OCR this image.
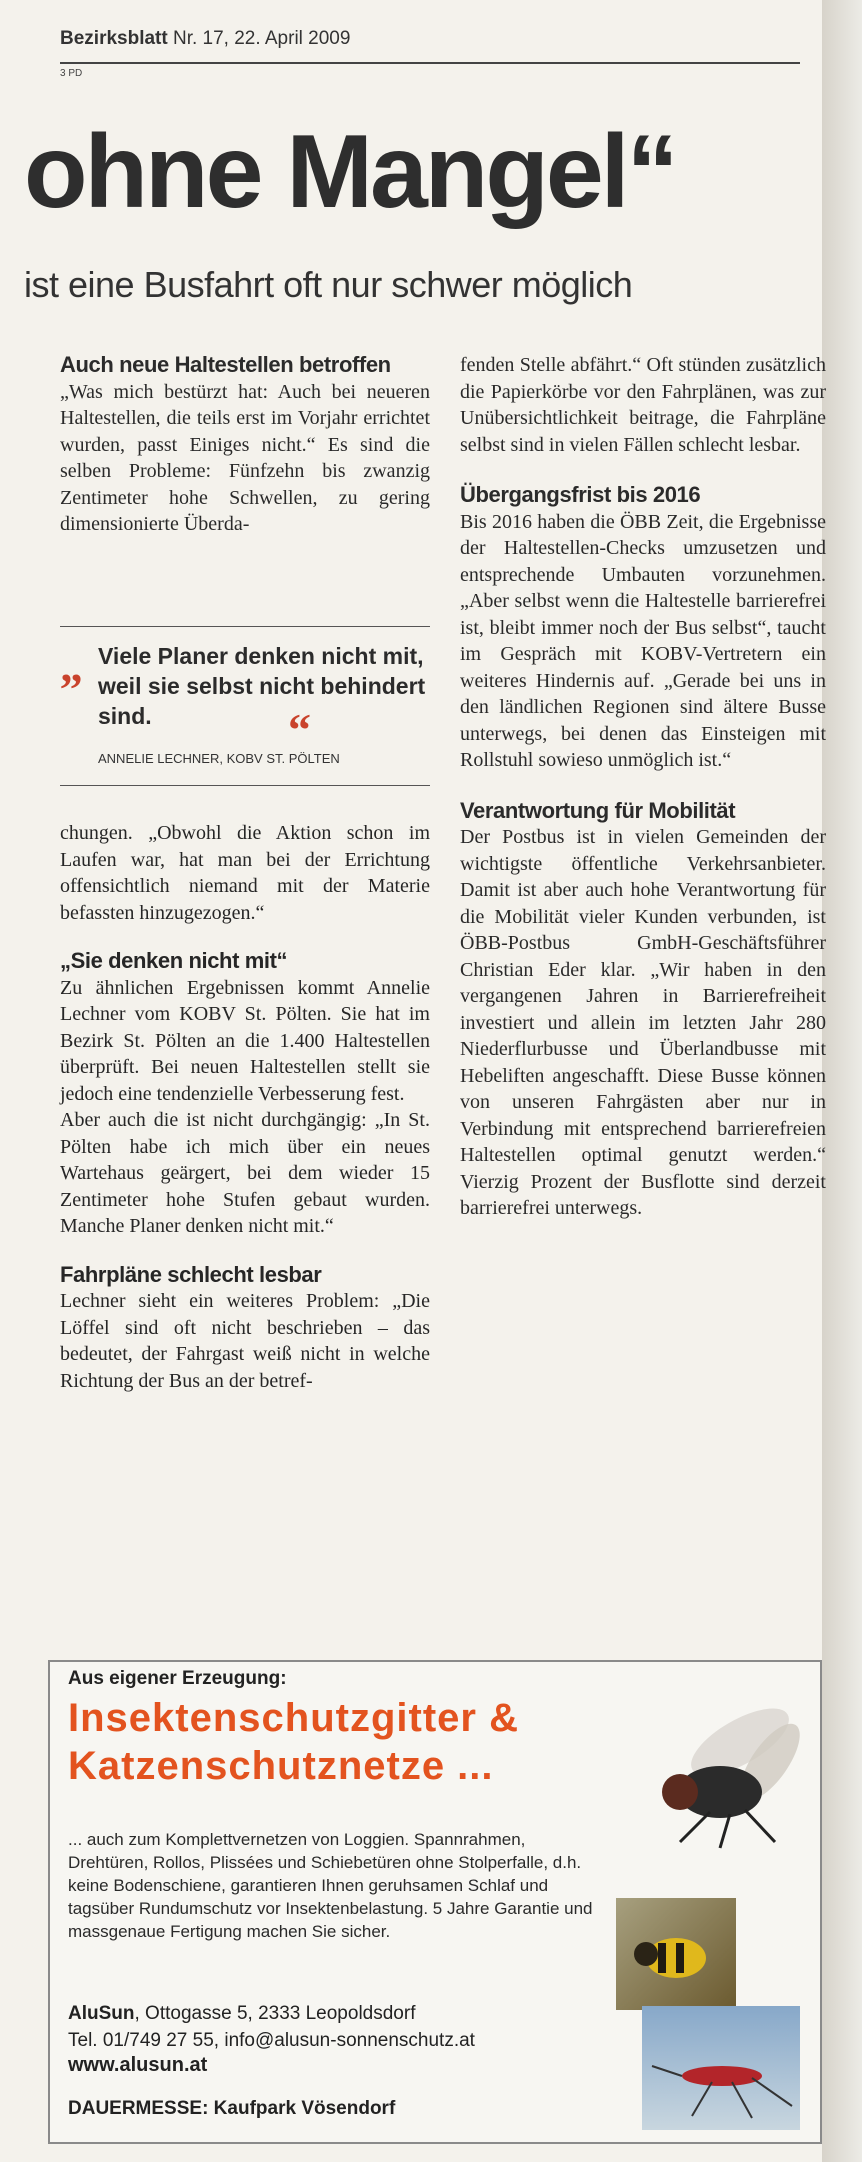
Bezirksblatt Nr. 17, 22. April 2009
3 PD
ohne Mangel“
ist eine Busfahrt oft nur schwer möglich
Auch neue Haltestellen betroffen

„Was mich bestürzt hat: Auch bei neueren Haltestellen, die teils erst im Vorjahr errichtet wurden, passt Einiges nicht.“ Es sind die selben Probleme: Fünfzehn bis zwanzig Zentimeter hohe Schwellen, zu gering dimensionierte Überda-

„ Viele Planer denken nicht mit, weil sie selbst nicht behindert sind.	“
ANNELIE LECHNER, KOBV ST. PÖLTEN

chungen. „Obwohl die Aktion schon im Laufen war, hat man bei der Errichtung offensichtlich niemand mit der Materie befassten hinzugezogen.“

„Sie denken nicht mit“

Zu ähnlichen Ergebnissen kommt Annelie Lechner vom KOBV St. Pölten. Sie hat im Bezirk St. Pölten an die 1.400 Haltestellen überprüft. Bei neuen Haltestellen stellt sie jedoch eine tendenzielle Verbesserung fest.

Aber auch die ist nicht durchgängig: „In St. Pölten habe ich mich über ein neues Wartehaus geärgert, bei dem wieder 15 Zentimeter hohe Stufen gebaut wurden. Manche Planer denken nicht mit.“

Fahrpläne schlecht lesbar

Lechner sieht ein weiteres Problem: „Die Löffel sind oft nicht beschrieben – das bedeutet, der Fahrgast weiß nicht in welche Richtung der Bus an der betref-

fenden Stelle abfährt.“ Oft stünden zusätzlich die Papierkörbe vor den Fahrplänen, was zur Unübersichtlichkeit beitrage, die Fahrpläne selbst sind in vielen Fällen schlecht lesbar.

Übergangsfrist bis 2016

Bis 2016 haben die ÖBB Zeit, die Ergebnisse der Haltestellen-Checks umzusetzen und entsprechende Umbauten vorzunehmen. „Aber selbst wenn die Haltestelle barrierefrei ist, bleibt immer noch der Bus selbst“, taucht im Gespräch mit KOBV-Vertretern ein weiteres Hindernis auf. „Gerade bei uns in den ländlichen Regionen sind ältere Busse unterwegs, bei denen das Einsteigen mit Rollstuhl sowieso unmöglich ist.“

Verantwortung für Mobilität

Der Postbus ist in vielen Gemeinden der wichtigste öffentliche Verkehrsanbieter. Damit ist aber auch hohe Verantwortung für die Mobilität vieler Kunden verbunden, ist ÖBB-Postbus GmbH-Geschäftsführer Christian Eder klar. „Wir haben in den vergangenen Jahren in Barrierefreiheit investiert und allein im letzten Jahr 280 Niederflurbusse und Überlandbusse mit Hebeliften angeschafft. Diese Busse können von unseren Fahrgästen aber nur in Verbindung mit entsprechend barrierefreien Haltestellen optimal genutzt werden.“ Vierzig Prozent der Busflotte sind derzeit barrierefrei unterwegs.

Aus eigener Erzeugung:
Insektenschutzgitter &
Katzenschutznetze ...
... auch zum Komplettvernetzen von Loggien. Spannrahmen, Drehtüren, Rollos, Plissées und Schiebetüren ohne Stolperfalle, d.h. keine Bodenschiene, garantieren Ihnen geruhsamen Schlaf und tagsüber Rundumschutz vor Insektenbelastung. 5 Jahre Garantie und massgenaue Fertigung machen Sie sicher.
AluSun, Ottogasse 5, 2333 Leopoldsdorf
Tel. 01/749 27 55, info@alusun-sonnenschutz.at
www.alusun.at
DAUERMESSE: Kaufpark Vösendorf
